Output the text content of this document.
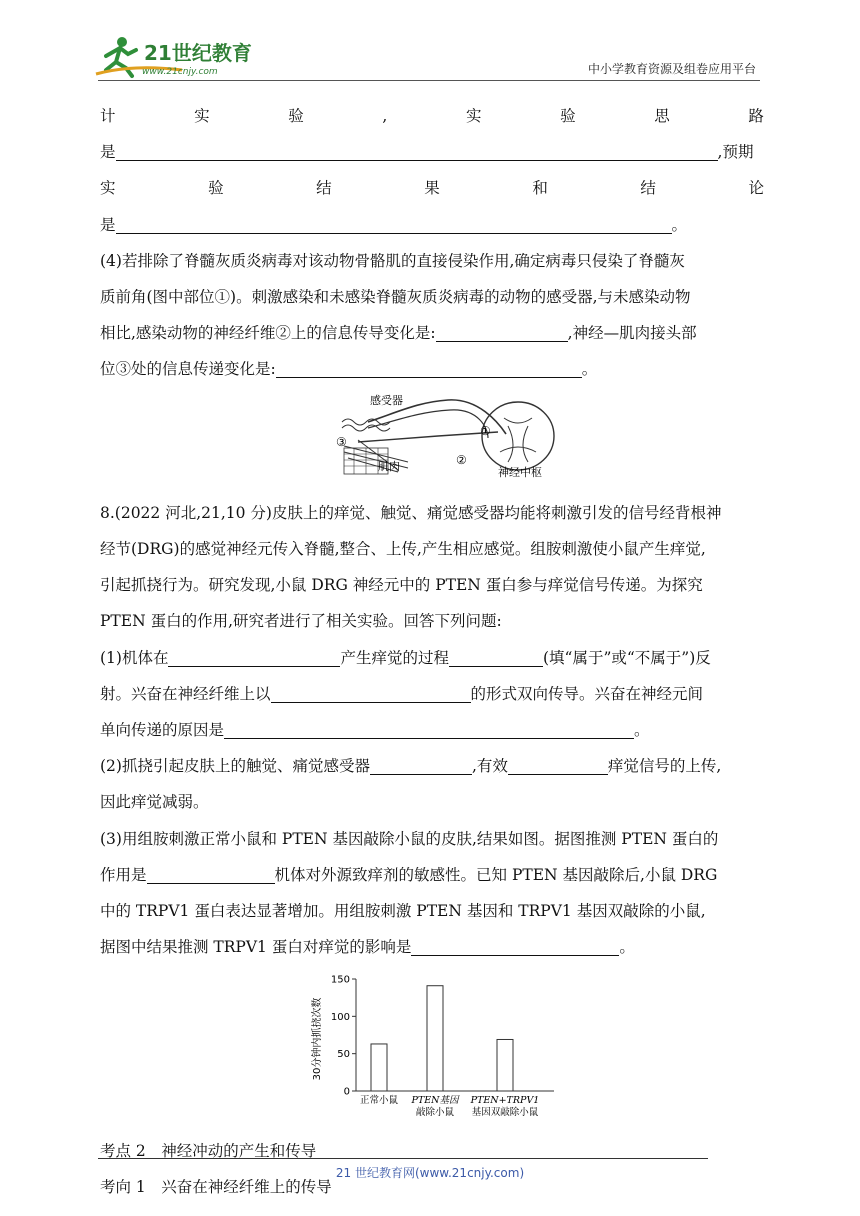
21世纪教育
www.21cnjy.com	中小学教育资源及组卷应用平台

计	实	验	,	实	验	思	路

是	,预期

实	验	结	果	和	结	论

是	。

(4)若排除了脊髓灰质炎病毒对该动物骨骼肌的直接侵染作用,确定病毒只侵染了脊髓灰

质前角(图中部位①)。刺激感染和未感染脊髓灰质炎病毒的动物的感受器,与未感染动物

相比,感染动物的神经纤维②上的信息传导变化是:	,神经—肌肉接头部

位③处的信息传递变化是:	。

感受器
肌肉	神经中枢
①
②
③

8.(2022 河北,21,10 分)皮肤上的痒觉、触觉、痛觉感受器均能将刺激引发的信号经背根神

经节(DRG)的感觉神经元传入脊髓,整合、上传,产生相应感觉。组胺刺激使小鼠产生痒觉,

引起抓挠行为。研究发现,小鼠 DRG 神经元中的 PTEN 蛋白参与痒觉信号传递。为探究

PTEN 蛋白的作用,研究者进行了相关实验。回答下列问题:

(1)机体在	产生痒觉的过程	(填“属于”或“不属于”)反

射。兴奋在神经纤维上以	的形式双向传导。兴奋在神经元间

单向传递的原因是	。

(2)抓挠引起皮肤上的触觉、痛觉感受器	,有效	痒觉信号的上传,

因此痒觉减弱。

(3)用组胺刺激正常小鼠和 PTEN 基因敲除小鼠的皮肤,结果如图。据图推测 PTEN 蛋白的

作用是	机体对外源致痒剂的敏感性。已知 PTEN 基因敲除后,小鼠 DRG

中的 TRPV1 蛋白表达显著增加。用组胺刺激 PTEN 基因和 TRPV1 基因双敲除的小鼠,

据图中结果推测 TRPV1 蛋白对痒觉的影响是	。

30分钟内抓挠次数
0
50
100
150
正常小鼠 PTEN基因
敲除小鼠
PTEN+TRPV1
基因双敲除小鼠

考点 2　神经冲动的产生和传导

考向 1　兴奋在神经纤维上的传导

21 世纪教育网(www.21cnjy.com)
